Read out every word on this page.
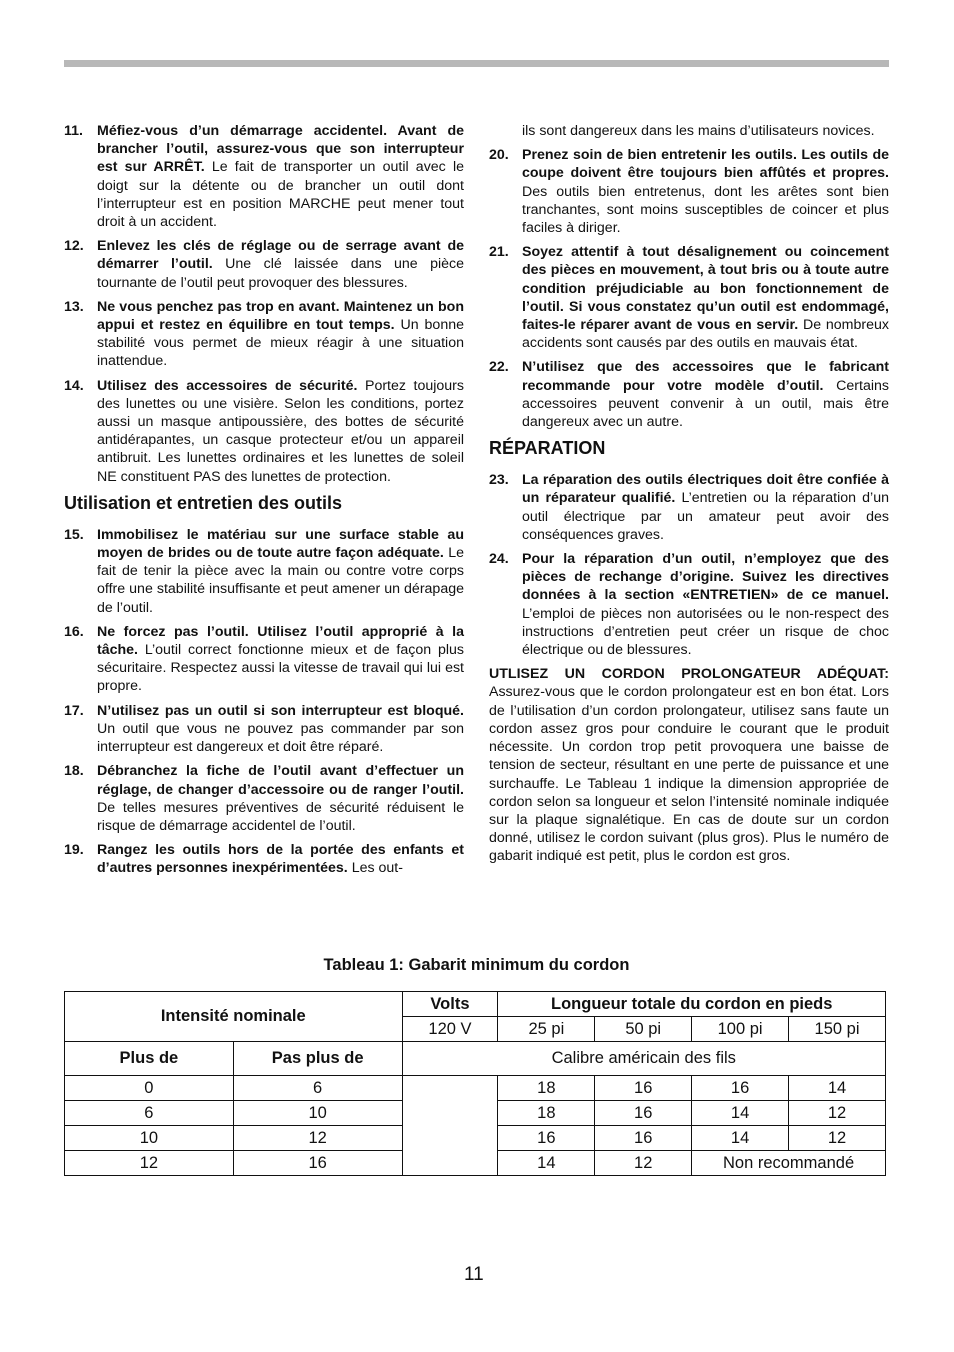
11. Méfiez-vous d’un démarrage accidentel. Avant de brancher l’outil, assurez-vous que son interrupteur est sur ARRÊT. Le fait de transporter un outil avec le doigt sur la détente ou de brancher un outil dont l’interrupteur est en position MARCHE peut mener tout droit à un accident.
12. Enlevez les clés de réglage ou de serrage avant de démarrer l’outil. Une clé laissée dans une pièce tournante de l’outil peut provoquer des blessures.
13. Ne vous penchez pas trop en avant. Maintenez un bon appui et restez en équilibre en tout temps. Un bonne stabilité vous permet de mieux réagir à une situation inattendue.
14. Utilisez des accessoires de sécurité. Portez toujours des lunettes ou une visière. Selon les conditions, portez aussi un masque antipoussière, des bottes de sécurité antidérapantes, un casque protecteur et/ou un appareil antibruit. Les lunettes ordinaires et les lunettes de soleil NE constituent PAS des lunettes de protection.
Utilisation et entretien des outils
15. Immobilisez le matériau sur une surface stable au moyen de brides ou de toute autre façon adéquate. Le fait de tenir la pièce avec la main ou contre votre corps offre une stabilité insuffisante et peut amener un dérapage de l’outil.
16. Ne forcez pas l’outil. Utilisez l’outil approprié à la tâche. L’outil correct fonctionne mieux et de façon plus sécuritaire. Respectez aussi la vitesse de travail qui lui est propre.
17. N’utilisez pas un outil si son interrupteur est bloqué. Un outil que vous ne pouvez pas commander par son interrupteur est dangereux et doit être réparé.
18. Débranchez la fiche de l’outil avant d’effectuer un réglage, de changer d’accessoire ou de ranger l’outil. De telles mesures préventives de sécurité réduisent le risque de démarrage accidentel de l’outil.
19. Rangez les outils hors de la portée des enfants et d’autres personnes inexpérimentées. Les out-
ils sont dangereux dans les mains d’utilisateurs novices.
20. Prenez soin de bien entretenir les outils. Les outils de coupe doivent être toujours bien affûtés et propres. Des outils bien entretenus, dont les arêtes sont bien tranchantes, sont moins susceptibles de coincer et plus faciles à diriger.
21. Soyez attentif à tout désalignement ou coincement des pièces en mouvement, à tout bris ou à toute autre condition préjudiciable au bon fonctionnement de l’outil. Si vous constatez qu’un outil est endommagé, faites-le réparer avant de vous en servir. De nombreux accidents sont causés par des outils en mauvais état.
22. N’utilisez que des accessoires que le fabricant recommande pour votre modèle d’outil. Certains accessoires peuvent convenir à un outil, mais être dangereux avec un autre.
RÉPARATION
23. La réparation des outils électriques doit être confiée à un réparateur qualifié. L’entretien ou la réparation d’un outil électrique par un amateur peut avoir des conséquences graves.
24. Pour la réparation d’un outil, n’employez que des pièces de rechange d’origine. Suivez les directives données à la section «ENTRETIEN» de ce manuel. L’emploi de pièces non autorisées ou le non-respect des instructions d’entretien peut créer un risque de choc électrique ou de blessures.
UTLISEZ UN CORDON PROLONGATEUR ADÉQUAT: Assurez-vous que le cordon prolongateur est en bon état. Lors de l’utilisation d’un cordon prolongateur, utilisez sans faute un cordon assez gros pour conduire le courant que le produit nécessite. Un cordon trop petit provoquera une baisse de tension de secteur, résultant en une perte de puissance et une surchauffe. Le Tableau 1 indique la dimension appropriée de cordon selon sa longueur et selon l’intensité nominale indiquée sur la plaque signalétique. En cas de doute sur un cordon donné, utilisez le cordon suivant (plus gros). Plus le numéro de gabarit indiqué est petit, plus le cordon est gros.
Tableau 1: Gabarit minimum du cordon
Intensité nominale		Volts	Longueur totale du cordon en pieds			
		120 V	25 pi	50 pi	100 pi	150 pi
Plus de	Pas plus de	Calibre américain des fils				
0	6		18	16	16	14
6	10		18	16	14	12
10	12		16	16	14	12
12	16		14	12	Non recommandé	
11
